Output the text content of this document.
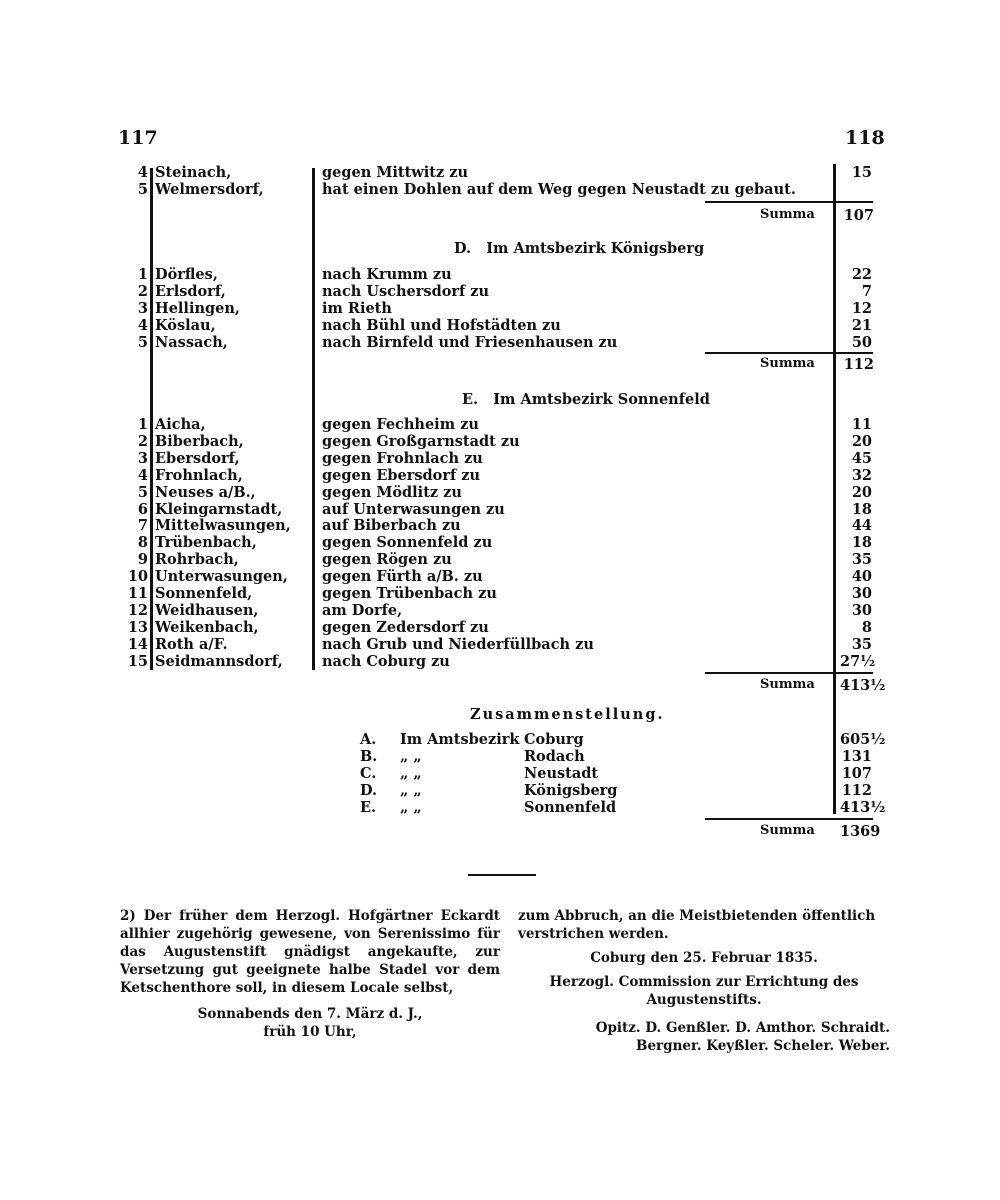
117	118
4 Steinach,	gegen Mittwitz zu	15
5 Welmersdorf,	hat einen Dohlen auf dem Weg gegen Neustadt zu gebaut.
Summa 107
D. Im Amtsbezirk Königsberg
1 Dörfles,	nach Krumm zu	22
2 Erlsdorf,	nach Uschersdorf zu	7
3 Hellingen,	im Rieth	12
4 Köslau,	nach Bühl und Hofstädten zu	21
5 Nassach,	nach Birnfeld und Friesenhausen zu	50
Summa 112
E. Im Amtsbezirk Sonnenfeld
1 Aicha,	gegen Fechheim zu	11
2 Biberbach,	gegen Großgarnstadt zu	20
3 Ebersdorf,	gegen Frohnlach zu	45
4 Frohnlach,	gegen Ebersdorf zu	32
5 Neuses a/B.,	gegen Mödlitz zu	20
6 Kleingarnstadt,	auf Unterwasungen zu	18
7 Mittelwasungen, auf Biberbach zu	44
8 Trübenbach,	gegen Sonnenfeld zu	18
9 Rohrbach,	gegen Rögen zu	35
10 Unterwasungen, gegen Fürth a/B. zu	40
11 Sonnenfeld,	gegen Trübenbach zu	30
12 Weidhausen,	am Dorfe,	30
13 Weikenbach,	gegen Zedersdorf zu	8
14 Roth a/F.	nach Grub und Niederfüllbach zu	35
15 Seidmannsdorf,	nach Coburg zu	27½
Summa 413½
Zusammenstellung.
A. Im Amtsbezirk Coburg	605½
B. „ „	Rodach	131
C. „ „	Neustadt	107
D. „ „	Königsberg	112
E. „ „	Sonnenfeld	413½
Summa 1369

2) Der früher dem Herzogl. Hofgärtner Eckardt allhier zugehörig gewesene, von Serenissimo für das Augustenstift gnädigst angekaufte, zur Versetzung gut geeignete halbe Stadel vor dem Ketschenthore soll, in diesem Locale selbst,

Sonnabends den 7. März d. J.,

früh 10 Uhr,

zum Abbruch, an die Meistbietenden öffentlich verstrichen werden.

Coburg den 25. Februar 1835.

Herzogl. Commission zur Errichtung des Augustenstifts.

Opitz. D. Genßler. D. Amthor. Schraidt.

Bergner. Keyßler. Scheler. Weber.
